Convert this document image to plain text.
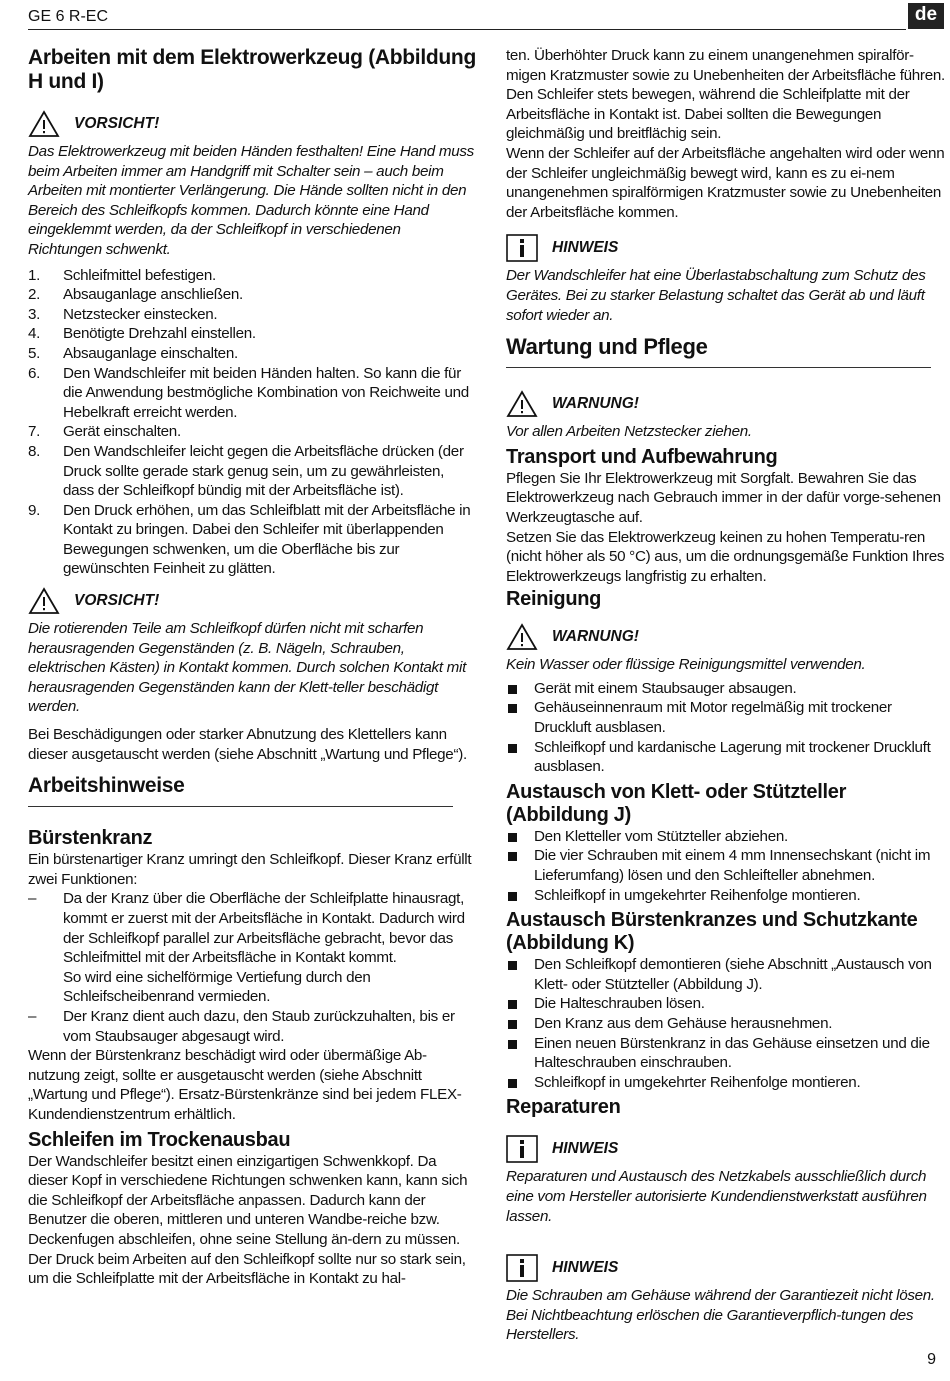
GE 6 R-EC	de
Arbeiten mit dem Elektrowerkzeug (Abbildung H und I)
VORSICHT!

Das Elektrowerkzeug mit beiden Händen festhalten! Eine Hand muss beim Arbeiten immer am Handgriff mit Schalter sein – auch beim Arbeiten mit montierter Verlängerung. Die Hände sollten nicht in den Bereich des Schleifkopfs kommen. Dadurch könnte eine Hand eingeklemmt werden, da der Schleifkopf in verschiedenen Richtungen schwenkt.

1. Schleifmittel befestigen.
2. Absauganlage anschließen.
3. Netzstecker einstecken.
4. Benötigte Drehzahl einstellen.
5. Absauganlage einschalten.
6. Den Wandschleifer mit beiden Händen halten. So kann die für die Anwendung bestmögliche Kombination von Reichweite und Hebelkraft erreicht werden.
7. Gerät einschalten.
8. Den Wandschleifer leicht gegen die Arbeitsfläche drücken (der Druck sollte gerade stark genug sein, um zu gewährleisten, dass der Schleifkopf bündig mit der Arbeitsfläche ist).
9. Den Druck erhöhen, um das Schleifblatt mit der Arbeitsfläche in Kontakt zu bringen. Dabei den Schleifer mit überlappenden Bewegungen schwenken, um die Oberfläche bis zur gewünschten Feinheit zu glätten.
VORSICHT!

Die rotierenden Teile am Schleifkopf dürfen nicht mit scharfen herausragenden Gegenständen (z. B. Nägeln, Schrauben, elektrischen Kästen) in Kontakt kommen. Durch solchen Kontakt mit herausragenden Gegenständen kann der Klett-teller beschädigt werden.

Bei Beschädigungen oder starker Abnutzung des Klettellers kann dieser ausgetauscht werden (siehe Abschnitt „Wartung und Pflege“).

Arbeitshinweise
Bürstenkranz

Ein bürstenartiger Kranz umringt den Schleifkopf. Dieser Kranz erfüllt zwei Funktionen:

– Da der Kranz über die Oberfläche der Schleifplatte hinausragt, kommt er zuerst mit der Arbeitsfläche in Kontakt. Dadurch wird der Schleifkopf parallel zur Arbeitsfläche gebracht, bevor das Schleifmittel mit der Arbeitsfläche in Kontakt kommt.
So wird eine sichelförmige Vertiefung durch den Schleifscheibenrand vermieden.
– Der Kranz dient auch dazu, den Staub zurückzuhalten, bis er vom Staubsauger abgesaugt wird.

Wenn der Bürstenkranz beschädigt wird oder übermäßige Ab-nutzung zeigt, sollte er ausgetauscht werden (siehe Abschnitt „Wartung und Pflege“). Ersatz-Bürstenkränze sind bei jedem FLEX-Kundendienstzentrum erhältlich.

Schleifen im Trockenausbau

Der Wandschleifer besitzt einen einzigartigen Schwenkkopf. Da dieser Kopf in verschiedene Richtungen schwenken kann, kann sich die Schleifkopf der Arbeitsfläche anpassen. Dadurch kann der Benutzer die oberen, mittleren und unteren Wandbe-reiche bzw. Deckenfugen abschleifen, ohne seine Stellung än-dern zu müssen.

Der Druck beim Arbeiten auf den Schleifkopf sollte nur so stark sein, um die Schleifplatte mit der Arbeitsfläche in Kontakt zu hal-

ten. Überhöhter Druck kann zu einem unangenehmen spiralför-migen Kratzmuster sowie zu Unebenheiten der Arbeitsfläche führen.

Den Schleifer stets bewegen, während die Schleifplatte mit der Arbeitsfläche in Kontakt ist. Dabei sollten die Bewegungen gleichmäßig und breitflächig sein.

Wenn der Schleifer auf der Arbeitsfläche angehalten wird oder wenn der Schleifer ungleichmäßig bewegt wird, kann es zu ei-nem unangenehmen spiralförmigen Kratzmuster sowie zu Unebenheiten der Arbeitsfläche kommen.

HINWEIS

Der Wandschleifer hat eine Überlastabschaltung zum Schutz des Gerätes. Bei zu starker Belastung schaltet das Gerät ab und läuft sofort wieder an.

Wartung und Pflege
WARNUNG!

Vor allen Arbeiten Netzstecker ziehen.

Transport und Aufbewahrung

Pflegen Sie Ihr Elektrowerkzeug mit Sorgfalt. Bewahren Sie das Elektrowerkzeug nach Gebrauch immer in der dafür vorge-sehenen Werkzeugtasche auf.

Setzen Sie das Elektrowerkzeug keinen zu hohen Temperatu-ren (nicht höher als 50 °C) aus, um die ordnungsgemäße Funktion Ihres Elektrowerkzeugs langfristig zu erhalten.

Reinigung
WARNUNG!

Kein Wasser oder flüssige Reinigungsmittel verwenden.

Gerät mit einem Staubsauger absaugen.
Gehäuseinnenraum mit Motor regelmäßig mit trockener Druckluft ausblasen.
Schleifkopf und kardanische Lagerung mit trockener Druckluft ausblasen.
Austausch von Klett- oder Stützteller (Abbildung J)
Den Kletteller vom Stützteller abziehen.
Die vier Schrauben mit einem 4 mm Innensechskant (nicht im Lieferumfang) lösen und den Schleifteller abnehmen.
Schleifkopf in umgekehrter Reihenfolge montieren.
Austausch Bürstenkranzes und Schutzkante (Abbildung K)
Den Schleifkopf demontieren (siehe Abschnitt „Austausch von Klett- oder Stützteller (Abbildung J).
Die Halteschrauben lösen.
Den Kranz aus dem Gehäuse herausnehmen.
Einen neuen Bürstenkranz in das Gehäuse einsetzen und die Halteschrauben einschrauben.
Schleifkopf in umgekehrter Reihenfolge montieren.
Reparaturen
HINWEIS

Reparaturen und Austausch des Netzkabels ausschließlich durch eine vom Hersteller autorisierte Kundendienstwerkstatt ausführen lassen.

HINWEIS

Die Schrauben am Gehäuse während der Garantiezeit nicht lösen. Bei Nichtbeachtung erlöschen die Garantieverpflich-tungen des Herstellers.

9
